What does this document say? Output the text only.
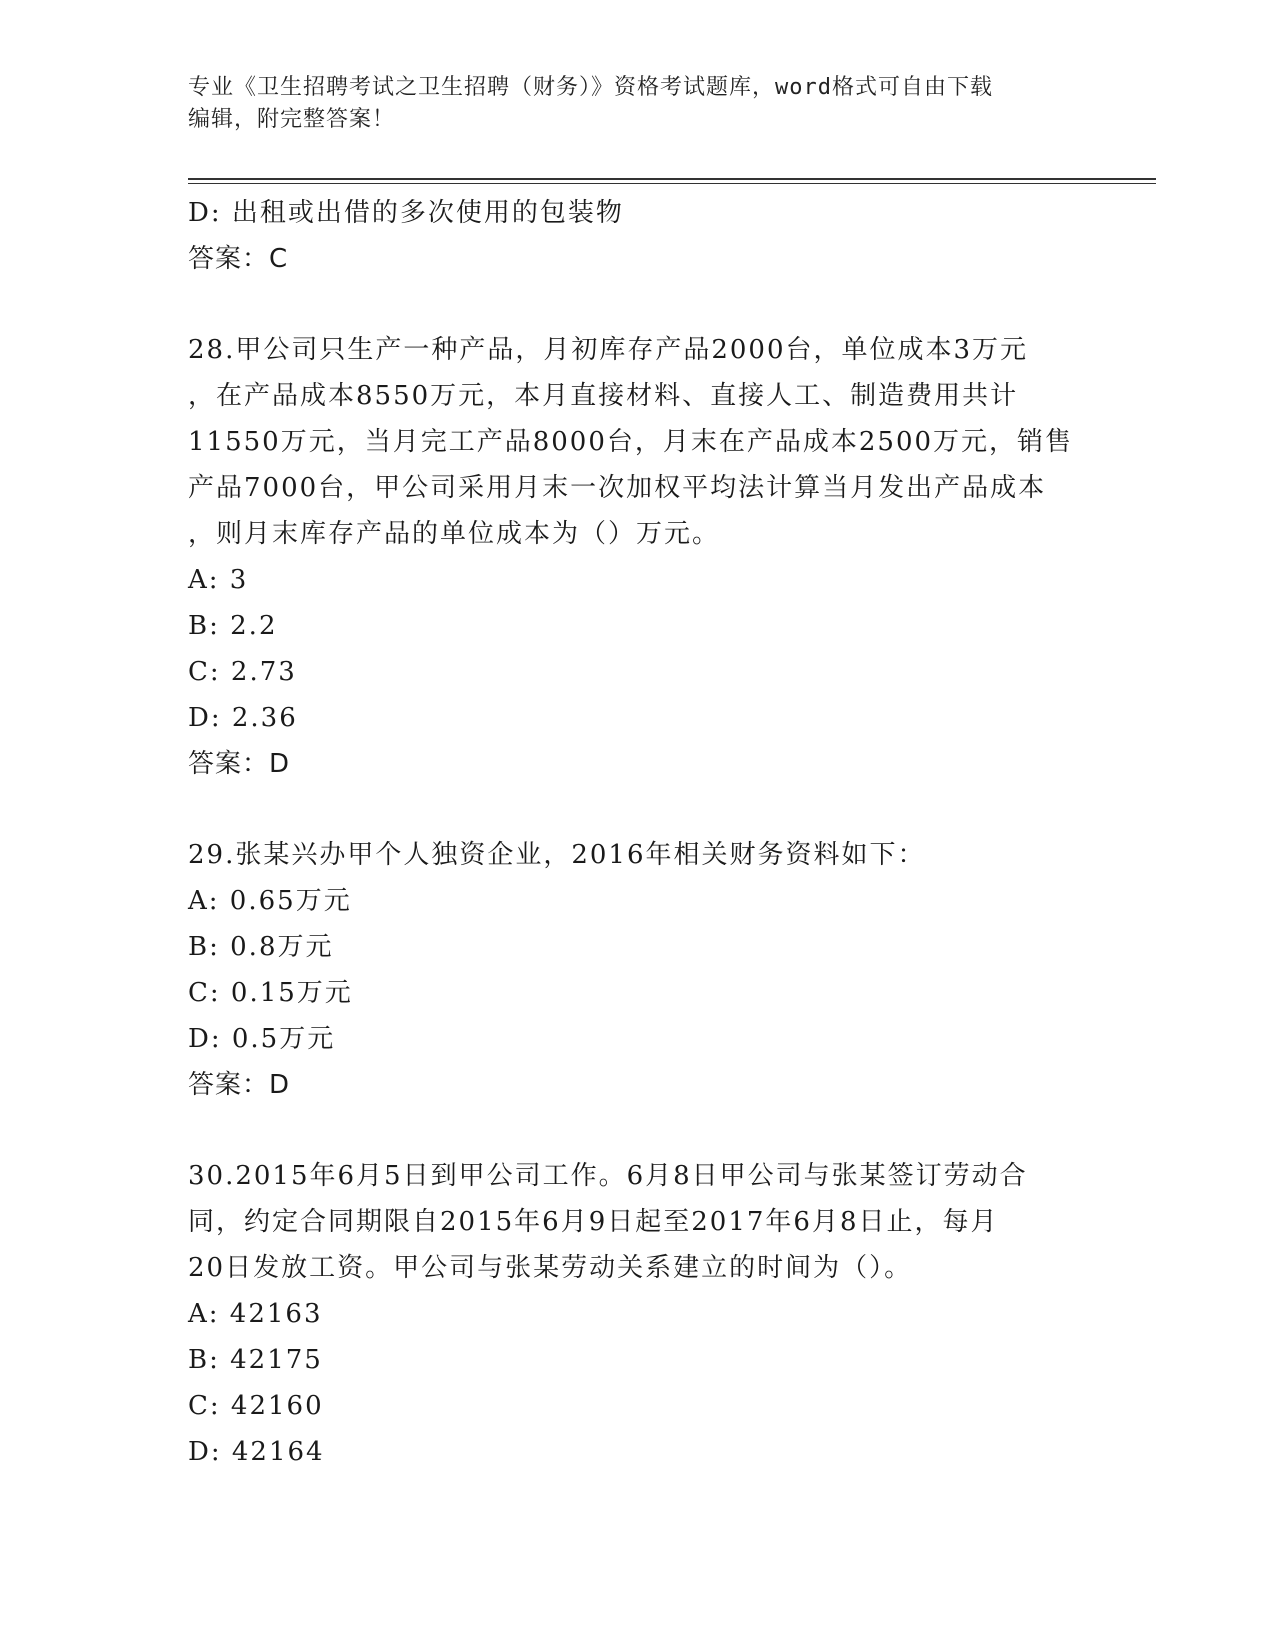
专业《卫生招聘考试之卫生招聘（财务）》资格考试题库，word格式可自由下载
编辑，附完整答案！
D: 出租或出借的多次使用的包装物
答案：C
28.甲公司只生产一种产品，月初库存产品2000台，单位成本3万元
，在产品成本8550万元，本月直接材料、直接人工、制造费用共计
11550万元，当月完工产品8000台，月末在产品成本2500万元，销售
产品7000台，甲公司采用月末一次加权平均法计算当月发出产品成本
，则月末库存产品的单位成本为（）万元。
A: 3
B: 2.2
C: 2.73
D: 2.36
答案：D
29.张某兴办甲个人独资企业，2016年相关财务资料如下：
A: 0.65万元
B: 0.8万元
C: 0.15万元
D: 0.5万元
答案：D
30.2015年6月5日到甲公司工作。6月8日甲公司与张某签订劳动合
同，约定合同期限自2015年6月9日起至2017年6月8日止，每月
20日发放工资。甲公司与张某劳动关系建立的时间为（）。
A: 42163
B: 42175
C: 42160
D: 42164
